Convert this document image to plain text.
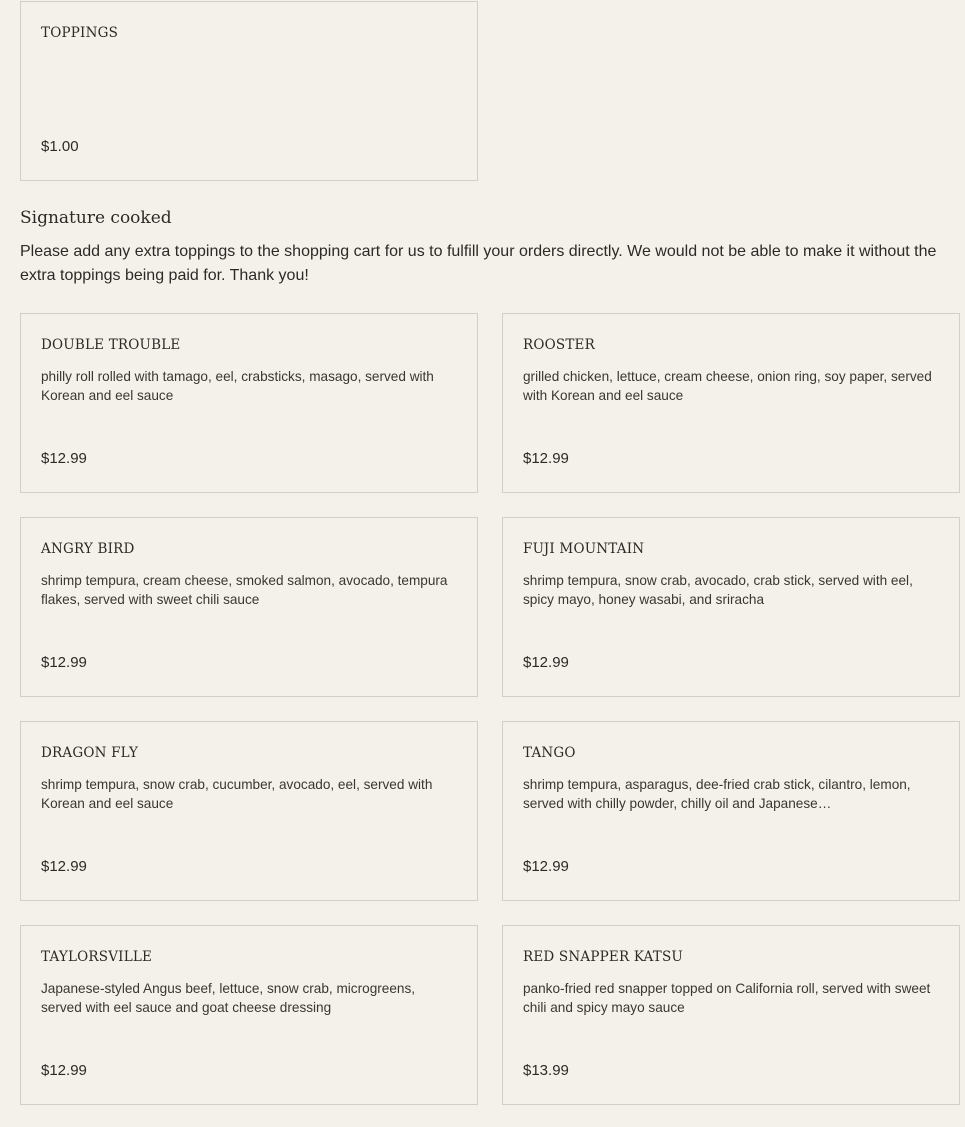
TOPPINGS
$1.00
Signature cooked

Please add any extra toppings to the shopping cart for us to fulfill your orders directly. We would not be able to make it without the extra toppings being paid for. Thank you!

DOUBLE TROUBLE
philly roll rolled with tamago, eel, crabsticks, masago, served with Korean and eel sauce
$12.99
ROOSTER
grilled chicken, lettuce, cream cheese, onion ring, soy paper, served with Korean and eel sauce
$12.99
ANGRY BIRD
shrimp tempura, cream cheese, smoked salmon, avocado, tempura flakes, served with sweet chili sauce
$12.99
FUJI MOUNTAIN
shrimp tempura, snow crab, avocado, crab stick, served with eel, spicy mayo, honey wasabi, and sriracha
$12.99
DRAGON FLY
shrimp tempura, snow crab, cucumber, avocado, eel, served with Korean and eel sauce
$12.99
TANGO
shrimp tempura, asparagus, dee-fried crab stick, cilantro, lemon, served with chilly powder, chilly oil and Japanese…
$12.99
TAYLORSVILLE
Japanese-styled Angus beef, lettuce, snow crab, microgreens, served with eel sauce and goat cheese dressing
$12.99
RED SNAPPER KATSU
panko-fried red snapper topped on California roll, served with sweet chili and spicy mayo sauce
$13.99
